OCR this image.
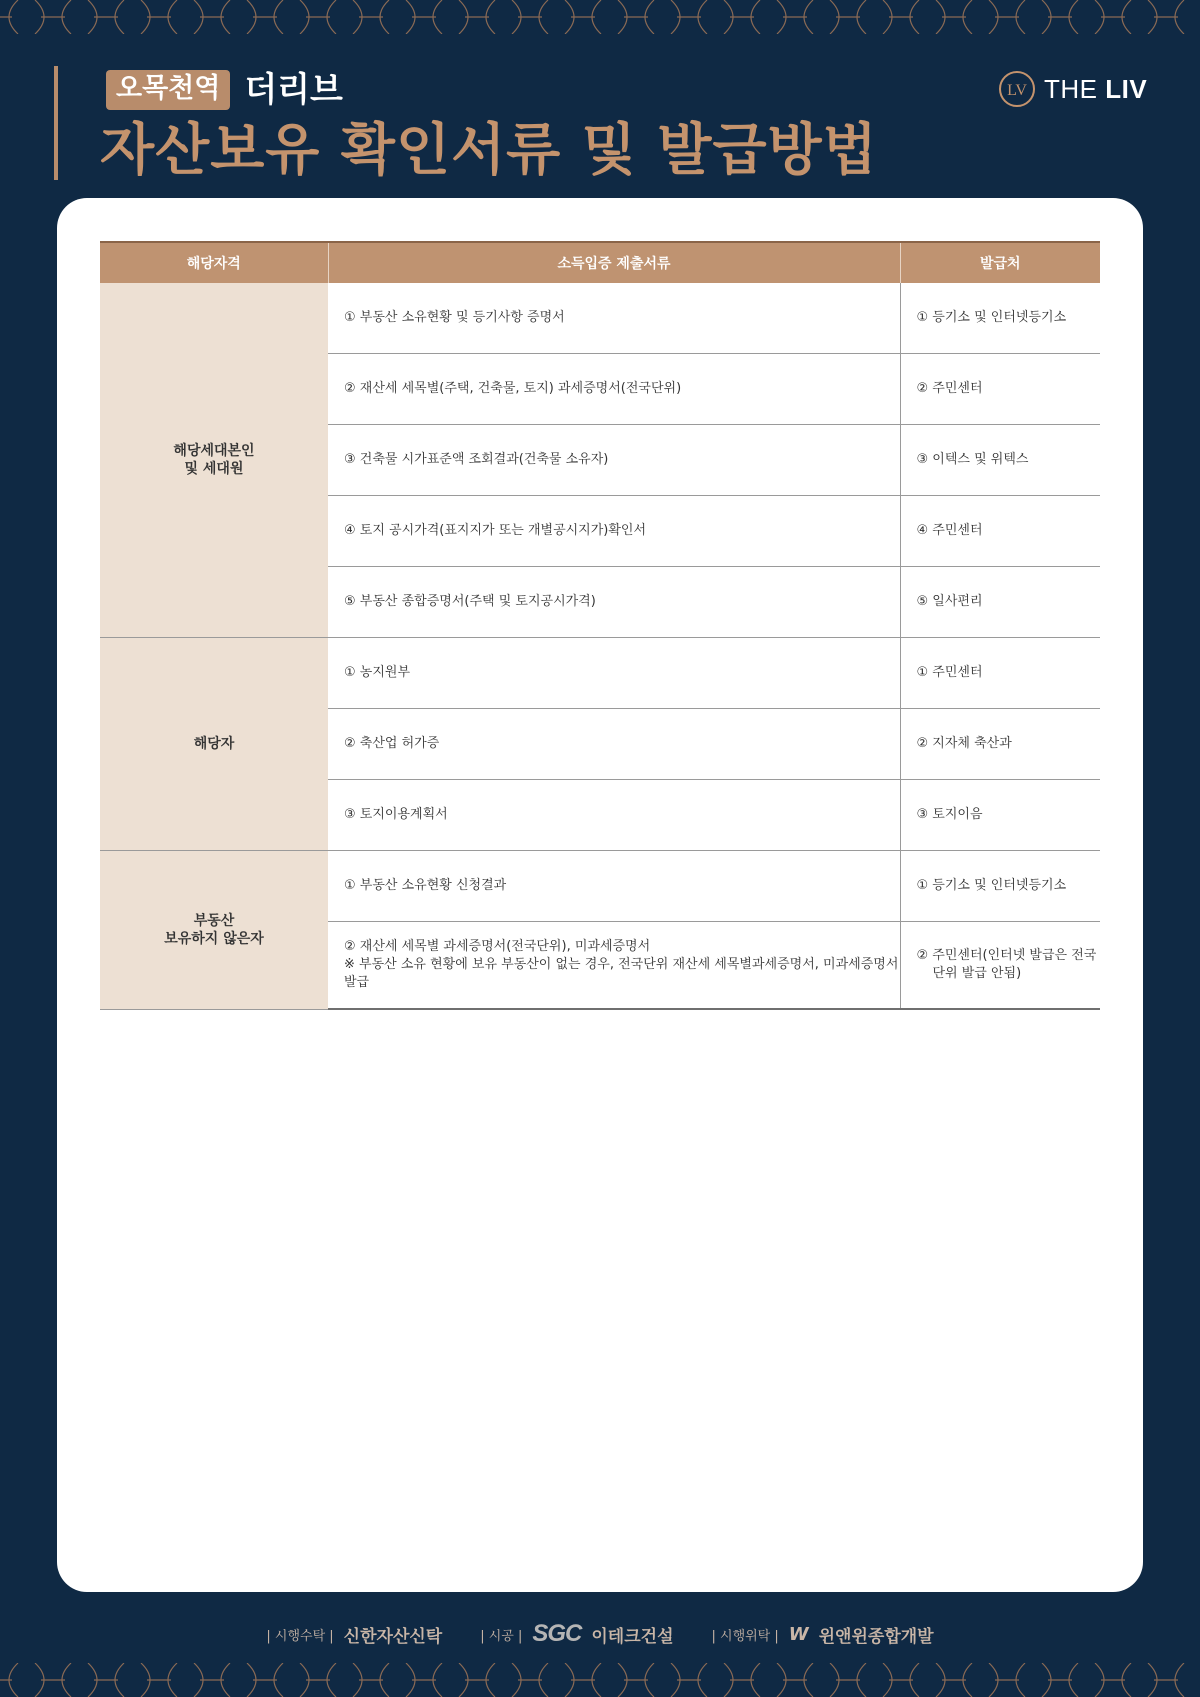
오목천역 더리브
자산보유 확인서류 및 발급방법
LV THE LIV
해당자격	소득입증 제출서류	발급처

해당세대본인
및 세대원	① 부동산 소유현황 및 등기사항 증명서	① 등기소 및 인터넷등기소

	② 재산세 세목별(주택, 건축물, 토지) 과세증명서(전국단위)	② 주민센터

	③ 건축물 시가표준액 조회결과(건축물 소유자)	③ 이텍스 및 위텍스

	④ 토지 공시가격(표지지가 또는 개별공시지가)확인서	④ 주민센터

	⑤ 부동산 종합증명서(주택 및 토지공시가격)	⑤ 일사편리

해당자	① 농지원부	① 주민센터

	② 축산업 허가증	② 지자체 축산과

	③ 토지이용계획서	③ 토지이음

부동산
보유하지 않은자	① 부동산 소유현황 신청결과	① 등기소 및 인터넷등기소

	② 재산세 세목별 과세증명서(전국단위), 미과세증명서
※ 부동산 소유 현황에 보유 부동산이 없는 경우, 전국단위 재산세 세목별과세증명서, 미과세증명서 발급	② 주민센터(인터넷 발급은 전국
단위 발급 안됨)
| 시행수탁 | 신한자산신탁	| 시공 | SGC 이테크건설	| 시행위탁 | W 윈앤윈종합개발
